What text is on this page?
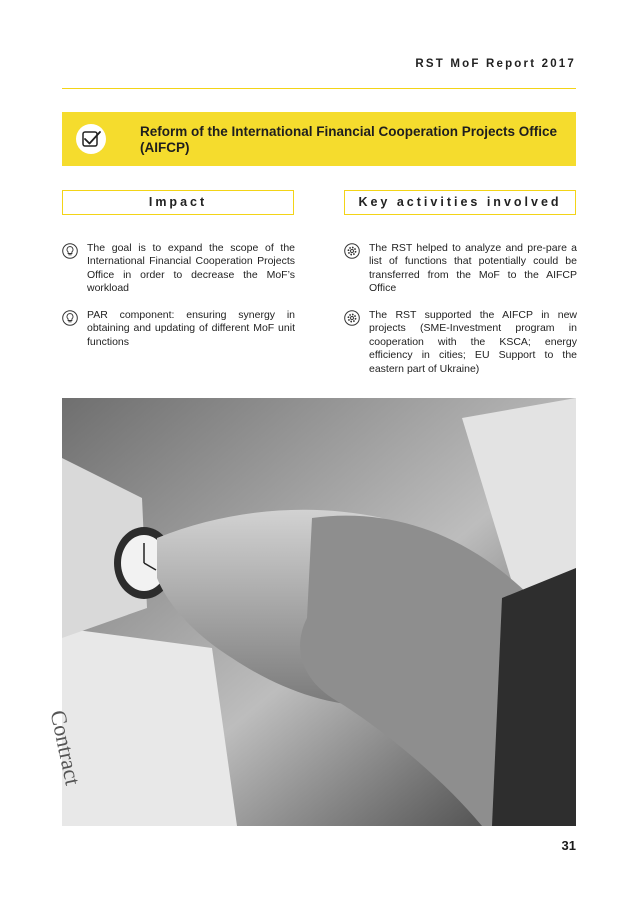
RST MoF Report 2017
Reform of the International Financial Cooperation Projects Office (AIFCP)
Impact	Key activities involved
The goal is to expand the scope of the International Financial Cooperation Projects Office in order to decrease the MoF’s workload
PAR component: ensuring synergy in obtaining and updating of different MoF unit functions
The RST helped to analyze and pre-pare a list of functions that potentially could be transferred from the MoF to the AIFCP Office
The RST supported the AIFCP in new projects (SME-Investment program in cooperation with the KSCA; energy efficiency in cities; EU Support to the eastern part of Ukraine)
Contract
31
